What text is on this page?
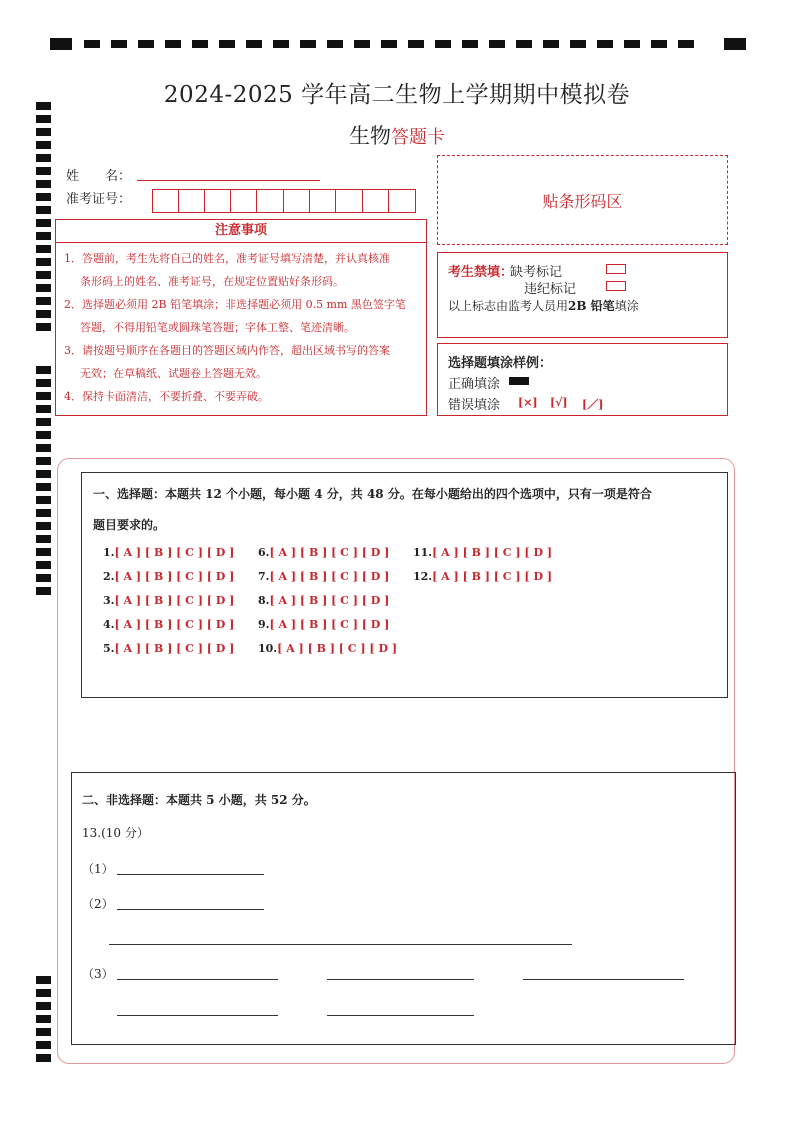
2024-2025 学年高二生物上学期期中模拟卷
生物答题卡
姓　　名：
准考证号：	贴条形码区
注意事项
1．答题前，考生先将自己的姓名，准考证号填写清楚，并认真核准
条形码上的姓名、准考证号，在规定位置贴好条形码。
2．选择题必须用 2B 铅笔填涂；非选择题必须用 0.5 mm 黑色签字笔
答题，不得用铅笔或圆珠笔答题；字体工整、笔迹清晰。
3．请按题号顺序在各题目的答题区域内作答，超出区域书写的答案
无效；在草稿纸、试题卷上答题无效。
4．保持卡面清洁，不要折叠、不要弄破。
考生禁填：
缺考标记
违纪标记
以上标志由监考人员用2B 铅笔填涂
选择题填涂样例：
正确填涂
错误填涂 [×] [√] [／]
一、选择题：本题共 12 个小题，每小题 4 分，共 48 分。在每小题给出的四个选项中，只有一项是符合
题目要求的。
1.[ A ] [ B ] [ C ] [ D ]
2.[ A ] [ B ] [ C ] [ D ]
3.[ A ] [ B ] [ C ] [ D ]
4.[ A ] [ B ] [ C ] [ D ]
5.[ A ] [ B ] [ C ] [ D ]
6.[ A ] [ B ] [ C ] [ D ]
7.[ A ] [ B ] [ C ] [ D ]
8.[ A ] [ B ] [ C ] [ D ]
9.[ A ] [ B ] [ C ] [ D ]
10.[ A ] [ B ] [ C ] [ D ]
11.[ A ] [ B ] [ C ] [ D ]
12.[ A ] [ B ] [ C ] [ D ]
二、非选择题：本题共 5 小题，共 52 分。
13.(10 分）
（1）
（2）
（3）
